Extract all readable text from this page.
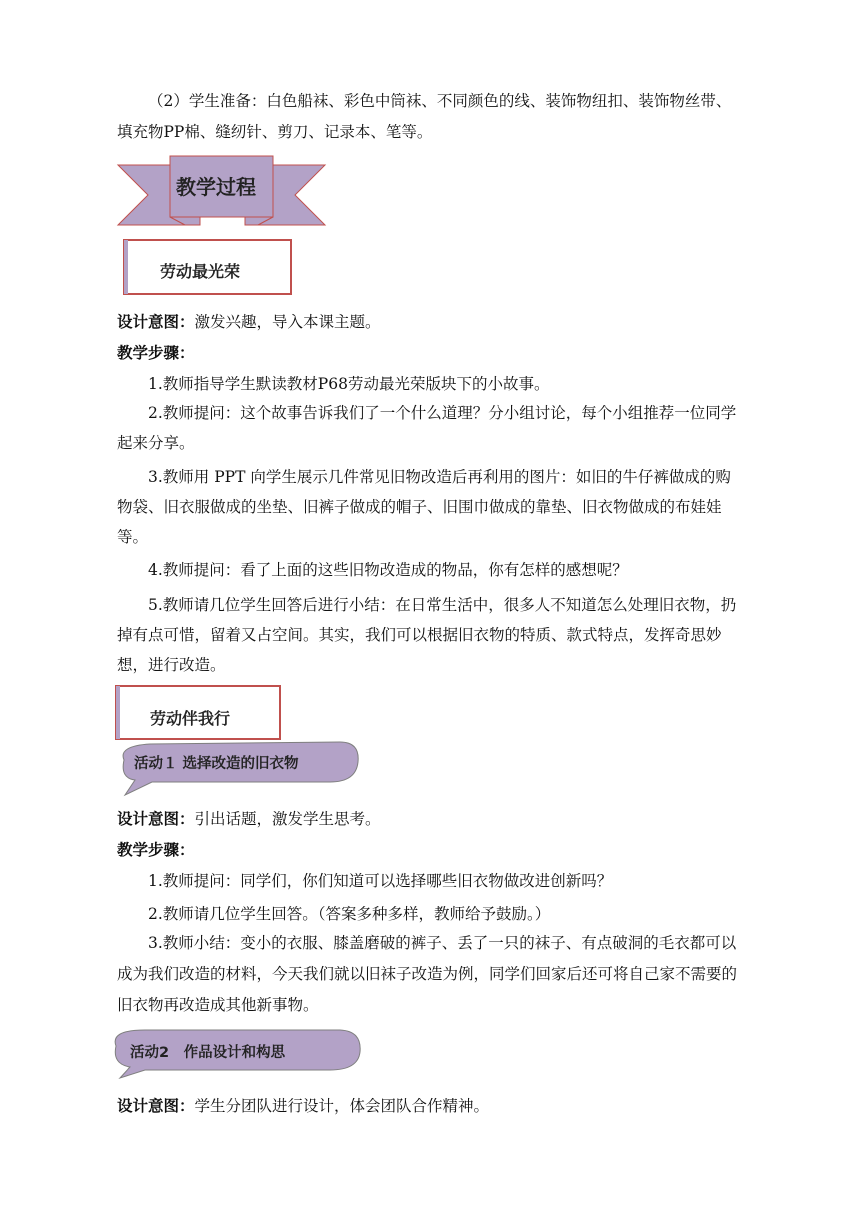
（2）学生准备：白色船袜、彩色中筒袜、不同颜色的线、装饰物纽扣、装饰物丝带、填充物PP棉、缝纫针、剪刀、记录本、笔等。

教学过程
劳动最光荣

设计意图：激发兴趣，导入本课主题。

教学步骤：

1.教师指导学生默读教材P68劳动最光荣版块下的小故事。

2.教师提问：这个故事告诉我们了一个什么道理？分小组讨论，每个小组推荐一位同学起来分享。

3.教师用 PPT 向学生展示几件常见旧物改造后再利用的图片：如旧的牛仔裤做成的购物袋、旧衣服做成的坐垫、旧裤子做成的帽子、旧围巾做成的靠垫、旧衣物做成的布娃娃等。

4.教师提问：看了上面的这些旧物改造成的物品，你有怎样的感想呢？

5.教师请几位学生回答后进行小结：在日常生活中，很多人不知道怎么处理旧衣物，扔掉有点可惜，留着又占空间。其实，我们可以根据旧衣物的特质、款式特点，发挥奇思妙想，进行改造。

劳动伴我行
活动１ 选择改造的旧衣物

设计意图：引出话题，激发学生思考。

教学步骤：

1.教师提问：同学们，你们知道可以选择哪些旧衣物做改进创新吗？

2.教师请几位学生回答。（答案多种多样，教师给予鼓励。）

3.教师小结：变小的衣服、膝盖磨破的裤子、丢了一只的袜子、有点破洞的毛衣都可以成为我们改造的材料，今天我们就以旧袜子改造为例，同学们回家后还可将自己家不需要的旧衣物再改造成其他新事物。

活动2　作品设计和构思

设计意图：学生分团队进行设计，体会团队合作精神。
